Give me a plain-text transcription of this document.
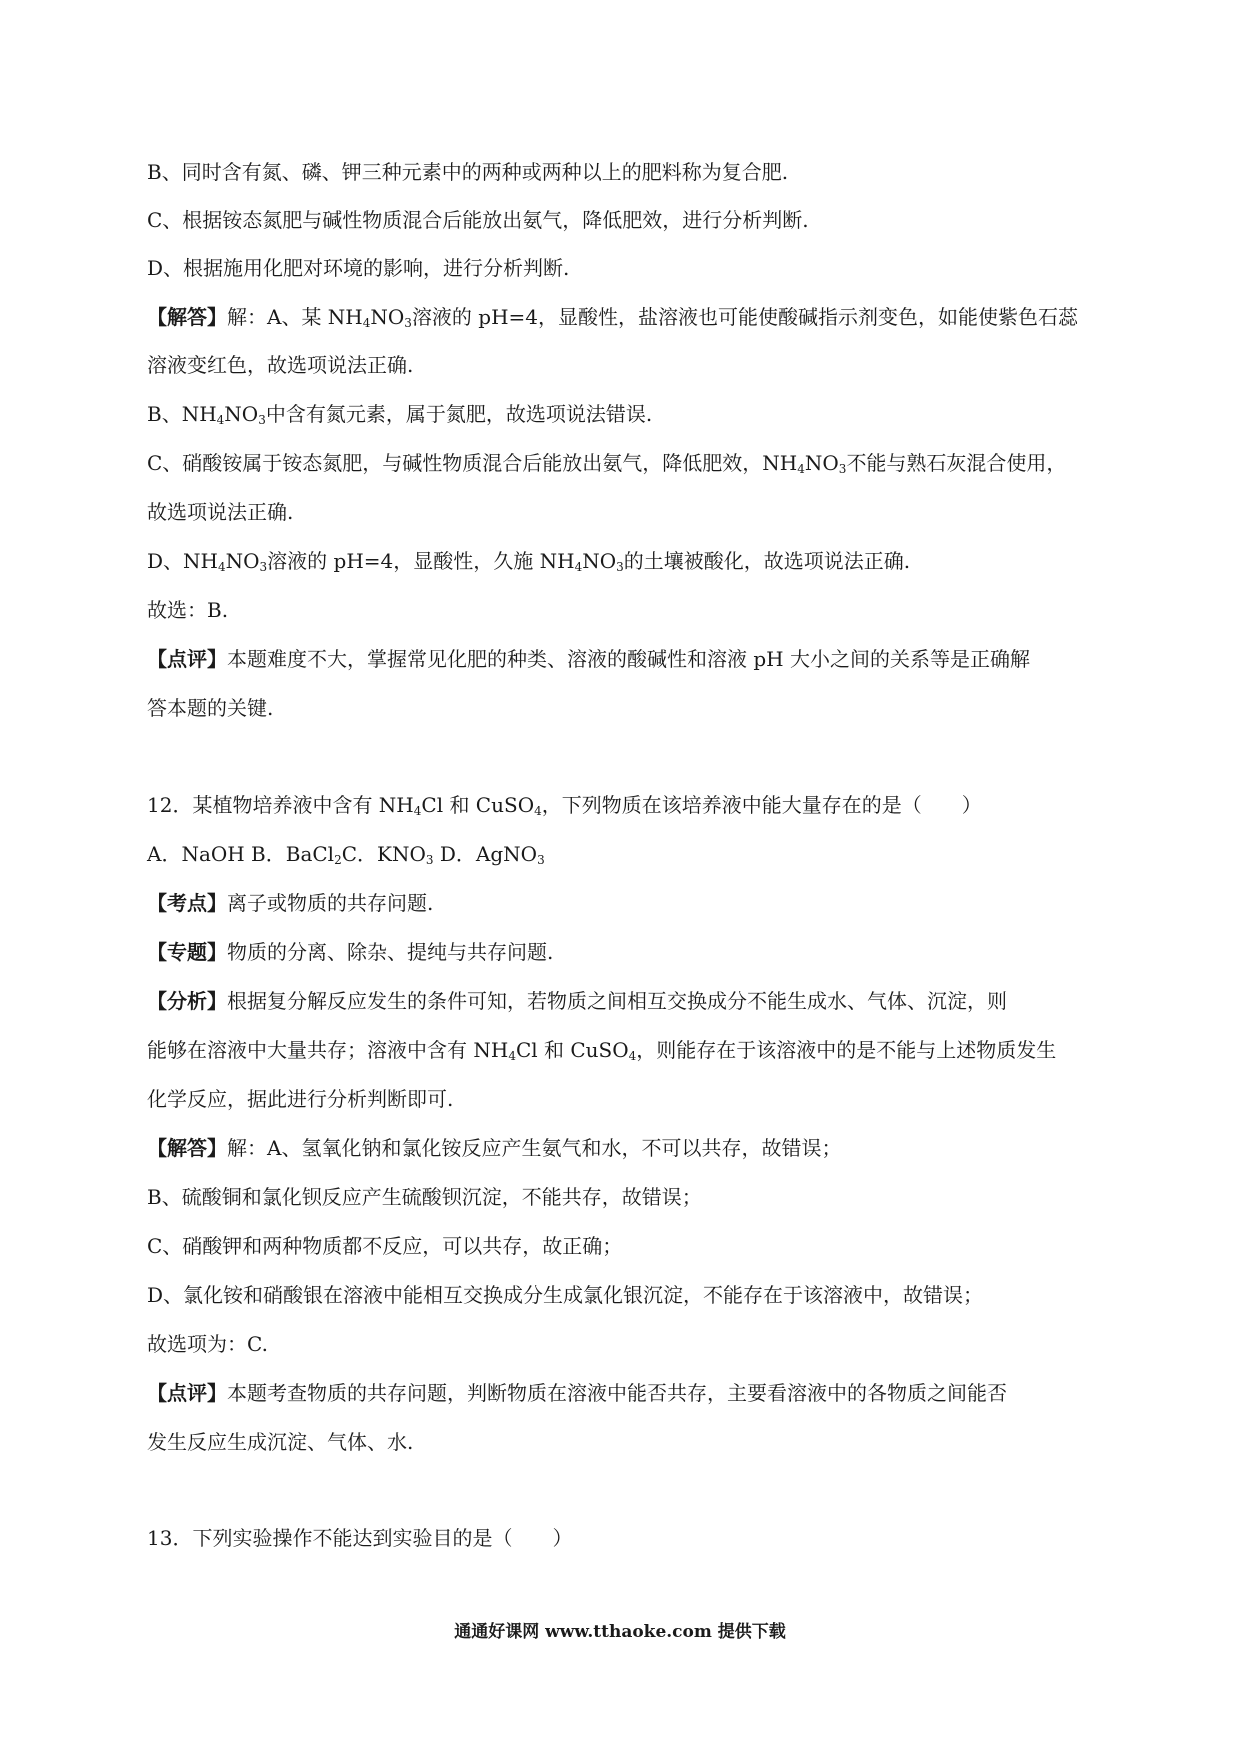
B、同时含有氮、磷、钾三种元素中的两种或两种以上的肥料称为复合肥.
C、根据铵态氮肥与碱性物质混合后能放出氨气，降低肥效，进行分析判断.
D、根据施用化肥对环境的影响，进行分析判断.
【解答】解：A、某 $NH_4NO_3$溶液的 pH=4，显酸性，盐溶液也可能使酸碱指示剂变色，如能使紫色石蕊
溶液变红色，故选项说法正确.
B、$NH_4NO_3$中含有氮元素，属于氮肥，故选项说法错误.
C、硝酸铵属于铵态氮肥，与碱性物质混合后能放出氨气，降低肥效，$NH_4NO_3$不能与熟石灰混合使用，
故选项说法正确.
D、$NH_4NO_3$溶液的 pH=4，显酸性，久施 $NH_4NO_3$的土壤被酸化，故选项说法正确.
故选：B.
【点评】本题难度不大，掌握常见化肥的种类、溶液的酸碱性和溶液 pH 大小之间的关系等是正确解
答本题的关键.
12．某植物培养液中含有 $NH_4Cl$ 和 CuSO$_4$，下列物质在该培养液中能大量存在的是（　　）
A．NaOH B．BaCl$_2$C．$KNO_3$ D．AgNO$_3$
【考点】离子或物质的共存问题.
【专题】物质的分离、除杂、提纯与共存问题.
【分析】根据复分解反应发生的条件可知，若物质之间相互交换成分不能生成水、气体、沉淀，则
能够在溶液中大量共存；溶液中含有 $NH_4Cl$ 和 CuSO$_4$，则能存在于该溶液中的是不能与上述物质发生
化学反应，据此进行分析判断即可.
【解答】解：A、氢氧化钠和氯化铵反应产生氨气和水，不可以共存，故错误；
B、硫酸铜和氯化钡反应产生硫酸钡沉淀，不能共存，故错误；
C、硝酸钾和两种物质都不反应，可以共存，故正确；
D、氯化铵和硝酸银在溶液中能相互交换成分生成氯化银沉淀，不能存在于该溶液中，故错误；
故选项为：C.
【点评】本题考查物质的共存问题，判断物质在溶液中能否共存，主要看溶液中的各物质之间能否
发生反应生成沉淀、气体、水.
13．下列实验操作不能达到实验目的是（　　）
通通好课网 www.tthaoke.com 提供下载
